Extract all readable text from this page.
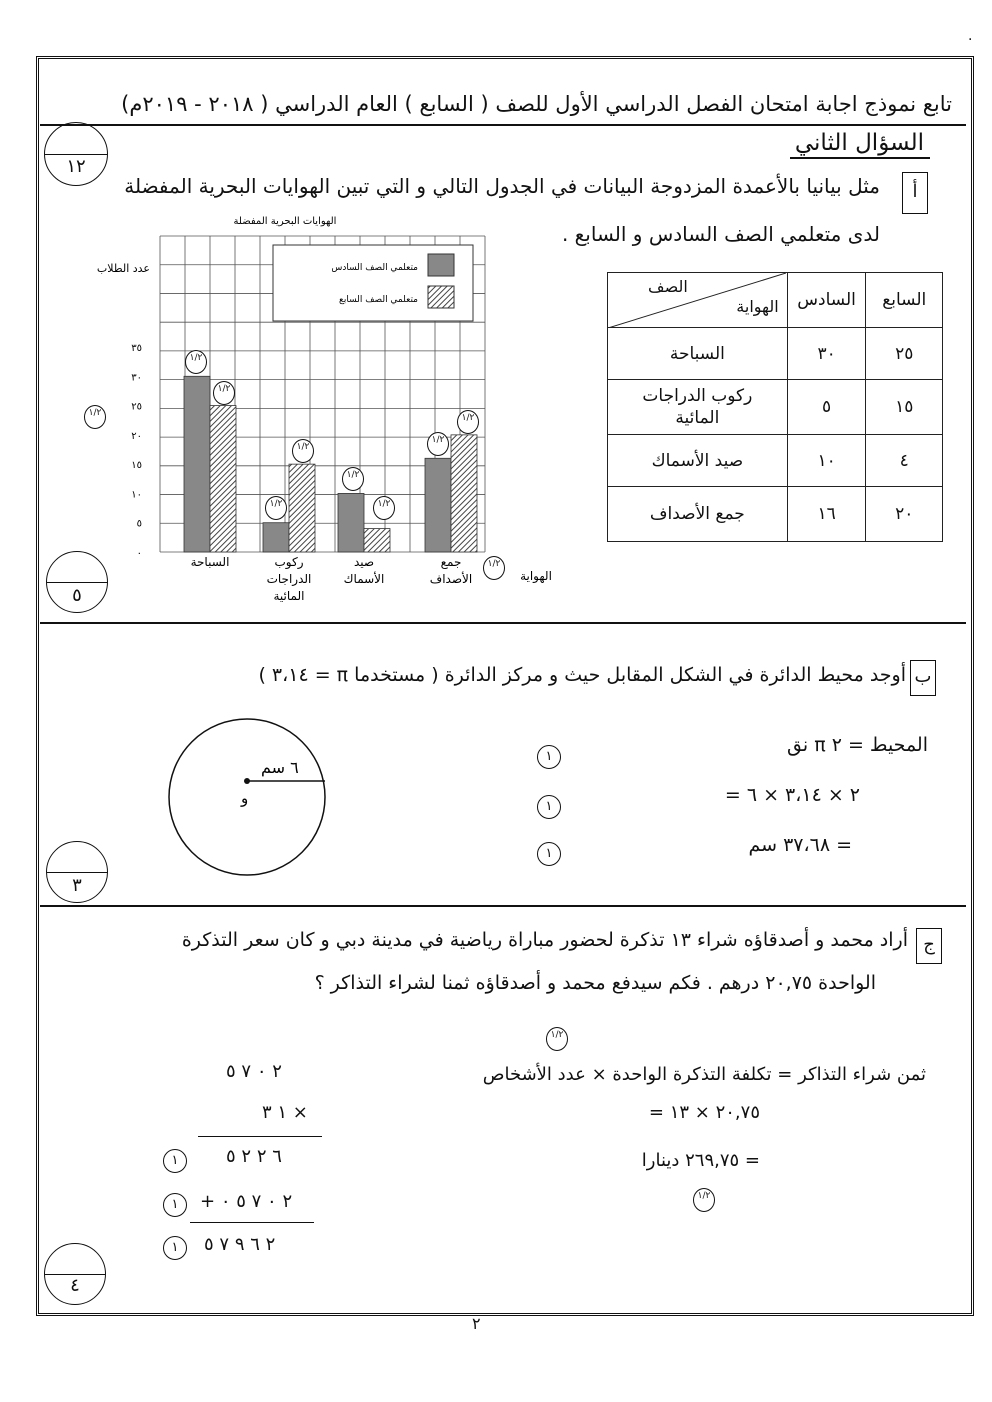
.
تابع نموذج اجابة امتحان الفصل الدراسي الأول للصف ( السابع ) العام الدراسي ( ٢٠١٨ - ٢٠١٩م)
السؤال الثاني
١٢
أ
مثل بيانيا بالأعمدة المزدوجة البيانات في الجدول التالي و التي تبين الهوايات البحرية المفضلة
لدى متعلمي الصف السادس و السابع .
الصف
الهواية	السادس	السابع
السباحة	٣٠	٢٥
ركوب الدراجات المائية	٥	١٥
صيد الأسماك	١٠	٤
جمع الأصداف	١٦	٢٠
٠
٥
١٠
١٥
٢٠
٢٥
٣٠
٣٥
السباحة	ركوب الدراجات المائية
صيد الأسماك
جمع الأصداف
الهوايات البحرية المفضلة
عدد الطلاب
الهواية
متعلمي الصف السادس
متعلمي الصف السابع
١/٢
١/٢
١/٢
١/٢
١/٢
١/٢
١/٢
١/٢
١/٢
١/٢
٥
ب
أوجد محيط الدائرة في الشكل المقابل حيث و مركز الدائرة ( مستخدما π = ٣،١٤ )
٦ سم
و
المحيط = ٢ π نق
= ٢ × ٣،١٤ × ٦
= ٣٧،٦٨ سم
١
١
١
٣
ج
أراد محمد و أصدقاؤه شراء ١٣ تذكرة لحضور مباراة رياضية في مدينة دبي و كان سعر التذكرة
الواحدة ٢٠,٧٥ درهم . فكم سيدفع محمد و أصدقاؤه ثمنا لشراء التذاكر ؟
١/٢
ثمن شراء التذاكر = تكلفة التذكرة الواحدة × عدد الأشخاص
= ٢٠,٧٥ × ١٣
= ٢٦٩,٧٥ دينارا
١/٢
٢ ٠ ٧ ٥
١ ٣ ×
٦ ٢ ٢ ٥
+ ٢ ٠ ٧ ٥ ٠
٢ ٦ ٩ ٧ ٥
١
١
١
٤
٢
